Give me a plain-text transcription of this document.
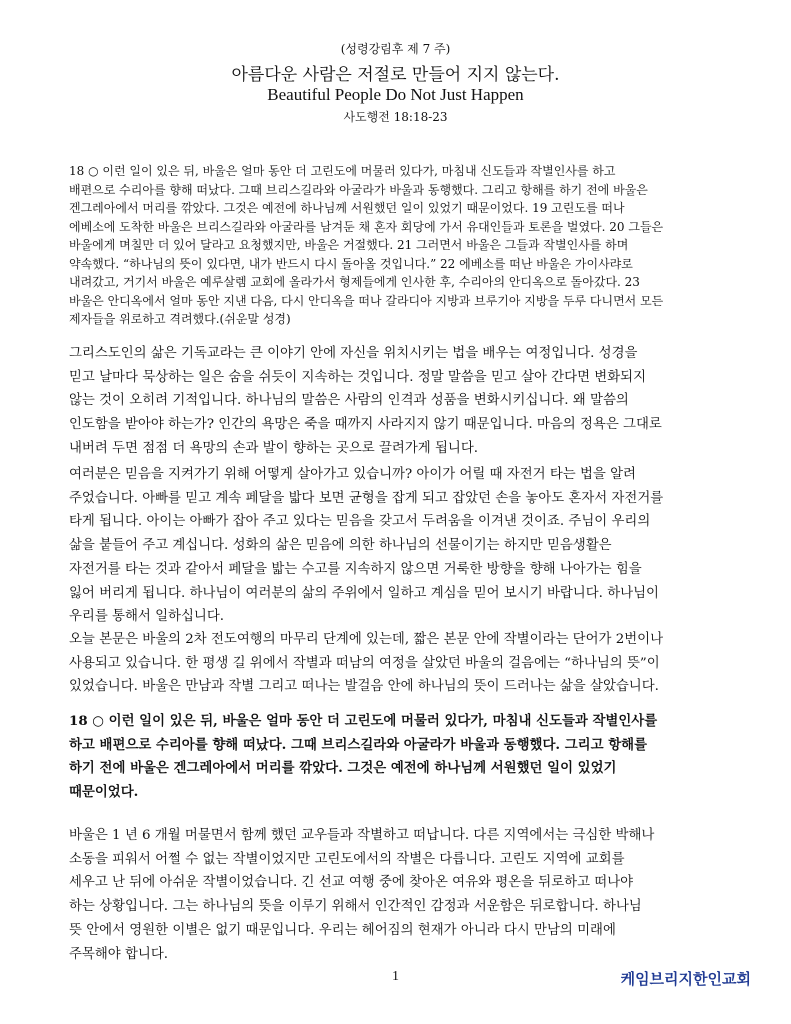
(성령강림후 제 7 주)
아름다운 사람은 저절로 만들어 지지 않는다.
Beautiful People Do Not Just Happen
사도행전 18:18-23
18 ○ 이런 일이 있은 뒤, 바울은 얼마 동안 더 고린도에 머물러 있다가, 마침내 신도들과 작별인사를 하고
배편으로 수리아를 향해 떠났다. 그때 브리스길라와 아굴라가 바울과 동행했다. 그리고 항해를 하기 전에 바울은
겐그레아에서 머리를 깎았다. 그것은 예전에 하나님께 서원했던 일이 있었기 때문이었다. 19 고린도를 떠나
에베소에 도착한 바울은 브리스길라와 아굴라를 남겨둔 채 혼자 회당에 가서 유대인들과 토론을 벌였다. 20 그들은
바울에게 며칠만 더 있어 달라고 요청했지만, 바울은 거절했다. 21 그러면서 바울은 그들과 작별인사를 하며
약속했다. “하나님의 뜻이 있다면, 내가 반드시 다시 돌아올 것입니다.” 22 에베소를 떠난 바울은 가이사랴로
내려갔고, 거기서 바울은 예루살렘 교회에 올라가서 형제들에게 인사한 후, 수리아의 안디옥으로 돌아갔다. 23
바울은 안디옥에서 얼마 동안 지낸 다음, 다시 안디옥을 떠나 갈라디아 지방과 브루기아 지방을 두루 다니면서 모든
제자들을 위로하고 격려했다.(쉬운말 성경)
그리스도인의 삶은 기독교라는 큰 이야기 안에 자신을 위치시키는 법을 배우는 여정입니다. 성경을
믿고 날마다 묵상하는 일은 숨을 쉬듯이 지속하는 것입니다. 정말 말씀을 믿고 살아 간다면 변화되지
않는 것이 오히려 기적입니다. 하나님의 말씀은 사람의 인격과 성품을 변화시키십니다. 왜 말씀의
인도함을 받아야 하는가? 인간의 욕망은 죽을 때까지 사라지지 않기 때문입니다. 마음의 정욕은 그대로
내버려 두면 점점 더 욕망의 손과 발이 향하는 곳으로 끌려가게 됩니다.
여러분은 믿음을 지켜가기 위해 어떻게 살아가고 있습니까? 아이가 어릴 때 자전거 타는 법을 알려
주었습니다. 아빠를 믿고 계속 페달을 밟다 보면 균형을 잡게 되고 잡았던 손을 놓아도 혼자서 자전거를
타게 됩니다. 아이는 아빠가 잡아 주고 있다는 믿음을 갖고서 두려움을 이겨낸 것이죠. 주님이 우리의
삶을 붙들어 주고 계십니다. 성화의 삶은 믿음에 의한 하나님의 선물이기는 하지만 믿음생활은
자전거를 타는 것과 같아서 페달을 밟는 수고를 지속하지 않으면 거룩한 방향을 향해 나아가는 힘을
잃어 버리게 됩니다. 하나님이 여러분의 삶의 주위에서 일하고 계심을 믿어 보시기 바랍니다. 하나님이
우리를 통해서 일하십니다.
오늘 본문은 바울의 2차 전도여행의 마무리 단계에 있는데, 짧은 본문 안에 작별이라는 단어가 2번이나
사용되고 있습니다. 한 평생 길 위에서 작별과 떠남의 여정을 살았던 바울의 걸음에는 “하나님의 뜻”이
있었습니다. 바울은 만남과 작별 그리고 떠나는 발걸음 안에 하나님의 뜻이 드러나는 삶을 살았습니다.
18 ○ 이런 일이 있은 뒤, 바울은 얼마 동안 더 고린도에 머물러 있다가, 마침내 신도들과 작별인사를
하고 배편으로 수리아를 향해 떠났다. 그때 브리스길라와 아굴라가 바울과 동행했다. 그리고 항해를
하기 전에 바울은 겐그레아에서 머리를 깎았다. 그것은 예전에 하나님께 서원했던 일이 있었기
때문이었다.
바울은 1 년 6 개월 머물면서 함께 했던 교우들과 작별하고 떠납니다. 다른 지역에서는 극심한 박해나
소동을 피워서 어쩔 수 없는 작별이었지만 고린도에서의 작별은 다릅니다. 고린도 지역에 교회를
세우고 난 뒤에 아쉬운 작별이었습니다. 긴 선교 여행 중에 찾아온 여유와 평온을 뒤로하고 떠나야
하는 상황입니다. 그는 하나님의 뜻을 이루기 위해서 인간적인 감정과 서운함은 뒤로합니다. 하나님
뜻 안에서 영원한 이별은 없기 때문입니다. 우리는 헤어짐의 현재가 아니라 다시 만남의 미래에
주목해야 합니다.
1	케임브리지한인교회
